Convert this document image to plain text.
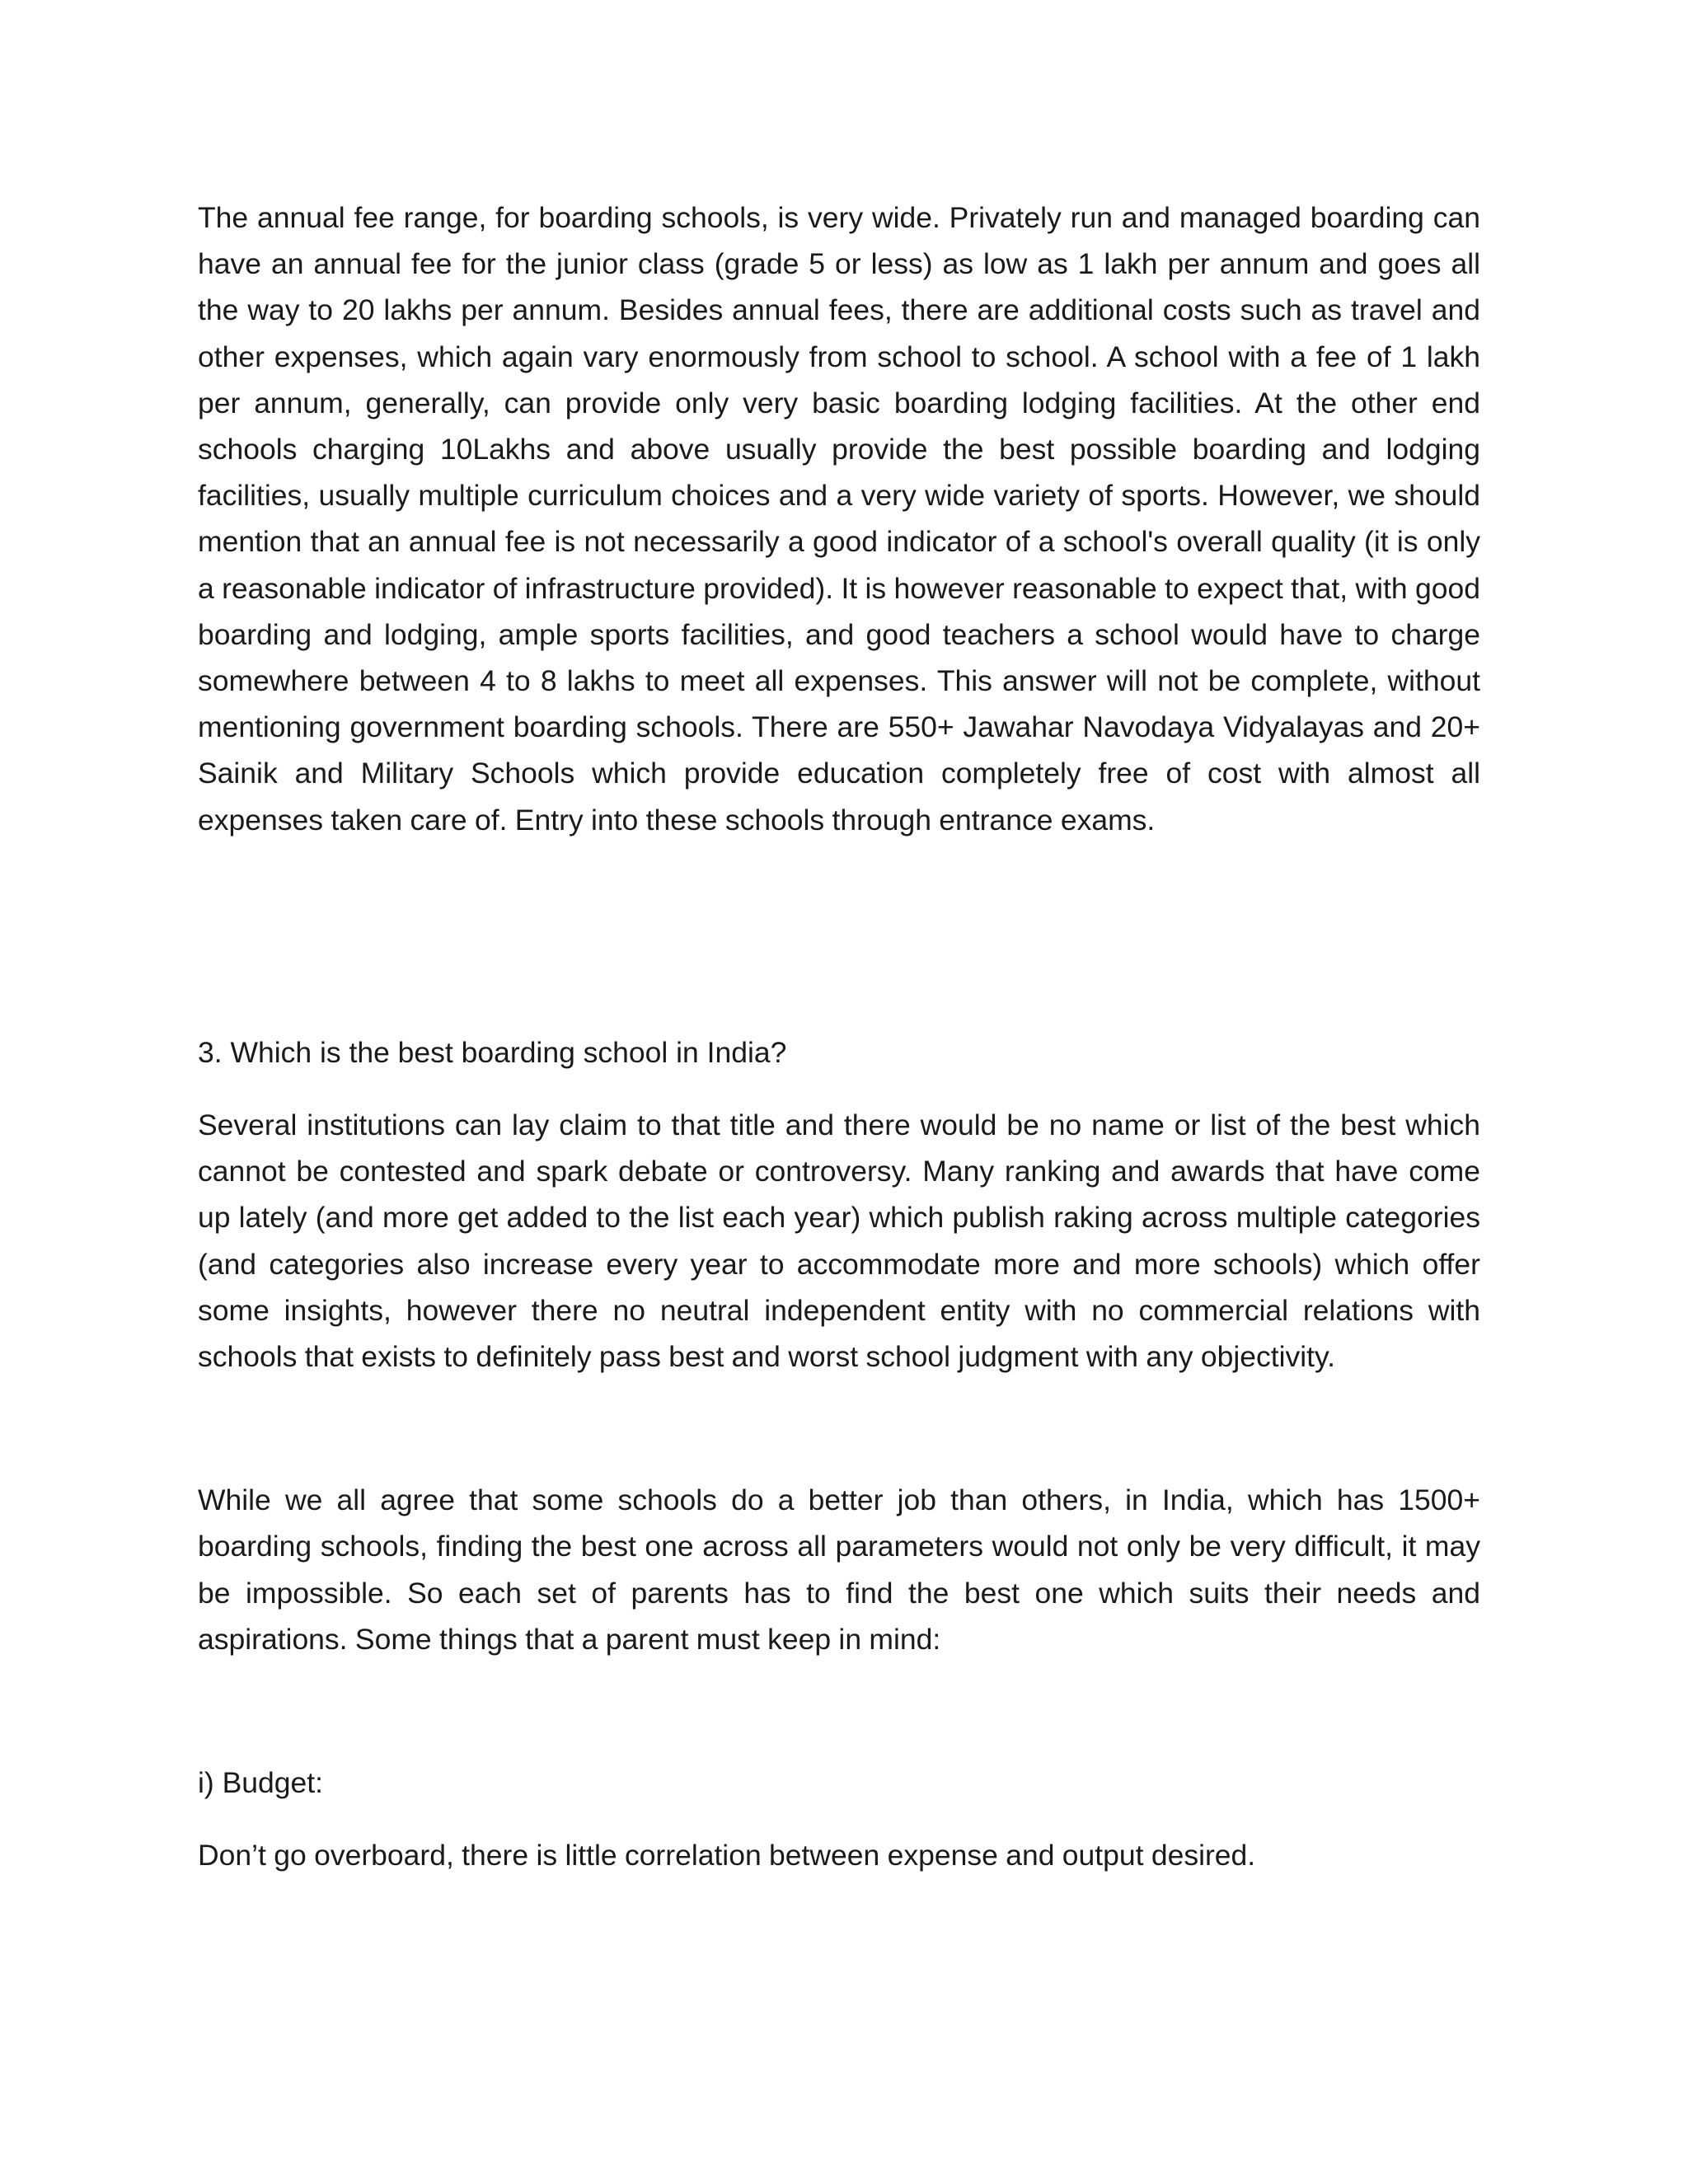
The annual fee range, for boarding schools, is very wide. Privately run and managed boarding can have an annual fee for the junior class (grade 5 or less) as low as 1 lakh per annum and goes all the way to 20 lakhs per annum. Besides annual fees, there are additional costs such as travel and other expenses, which again vary enormously from school to school. A school with a fee of 1 lakh per annum, generally, can provide only very basic boarding lodging facilities. At the other end schools charging 10Lakhs and above usually provide the best possible boarding and lodging facilities, usually multiple curriculum choices and a very wide variety of sports. However, we should mention that an annual fee is not necessarily a good indicator of a school's overall quality (it is only a reasonable indicator of infrastructure provided). It is however reasonable to expect that, with good boarding and lodging, ample sports facilities, and good teachers a school would have to charge somewhere between 4 to 8 lakhs to meet all expenses. This answer will not be complete, without mentioning government boarding schools. There are 550+ Jawahar Navodaya Vidyalayas and 20+ Sainik and Military Schools which provide education completely free of cost with almost all expenses taken care of. Entry into these schools through entrance exams.

3. Which is the best boarding school in India?

Several institutions can lay claim to that title and there would be no name or list of the best which cannot be contested and spark debate or controversy. Many ranking and awards that have come up lately (and more get added to the list each year) which publish raking across multiple categories (and categories also increase every year to accommodate more and more schools) which offer some insights, however there no neutral independent entity with no commercial relations with schools that exists to definitely pass best and worst school judgment with any objectivity.

While we all agree that some schools do a better job than others, in India, which has 1500+ boarding schools, finding the best one across all parameters would not only be very difficult, it may be impossible. So each set of parents has to find the best one which suits their needs and aspirations. Some things that a parent must keep in mind:

i) Budget:

Don’t go overboard, there is little correlation between expense and output desired.
